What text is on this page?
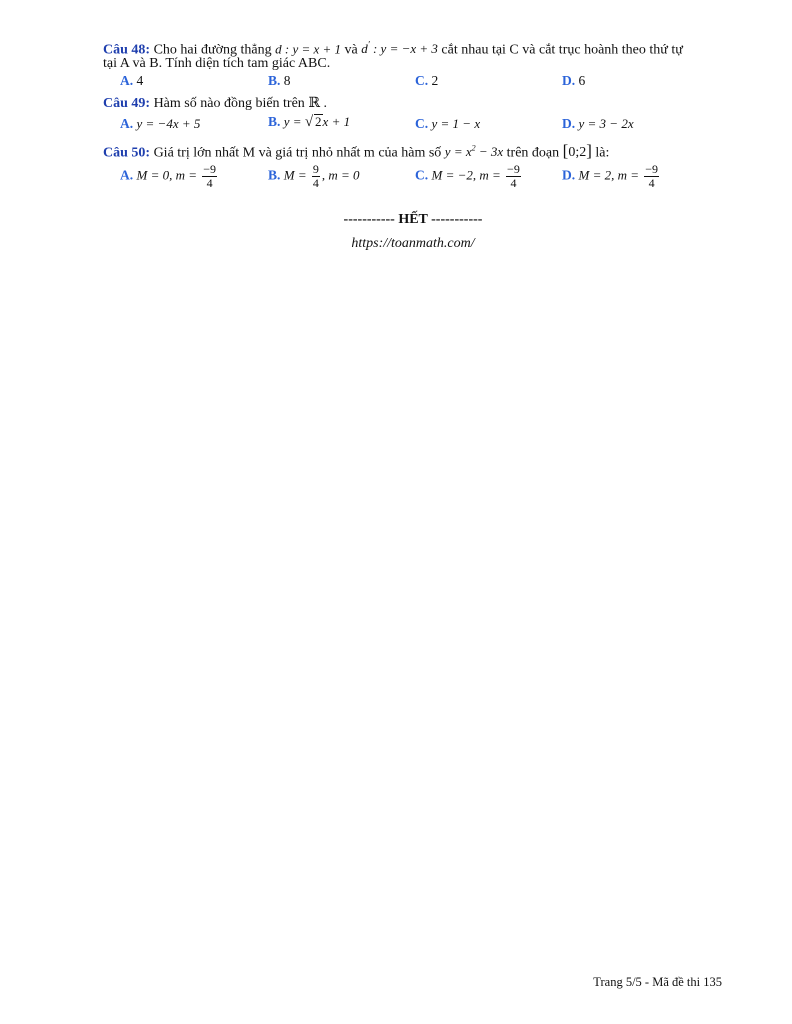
Câu 48: Cho hai đường thẳng d : y = x + 1 và d′ : y = −x + 3 cắt nhau tại C và cắt trục hoành theo thứ tự
tại A và B. Tính diện tích tam giác ABC.
A. 4	B. 8	C. 2	D. 6
Câu 49: Hàm số nào đồng biến trên ℝ .
A. y = −4x + 5	B. y = √ 2x + 1	C. y = 1 − x	D. y = 3 − 2x
Câu 50: Giá trị lớn nhất M và giá trị nhỏ nhất m của hàm số $y = x^2 - 3x$ trên đoạn [0;2] là:
A. M = 0, $m = \frac{-9}{4}$	B. $M = \frac{9}{4}$ , m = 0	C. M = −2, $m = \frac{-9}{4}$	D. M = 2, $m = \frac{-9}{4}$
----------- HẾT -----------
https://toanmath.com/
Trang 5/5 - Mã đề thi 135
